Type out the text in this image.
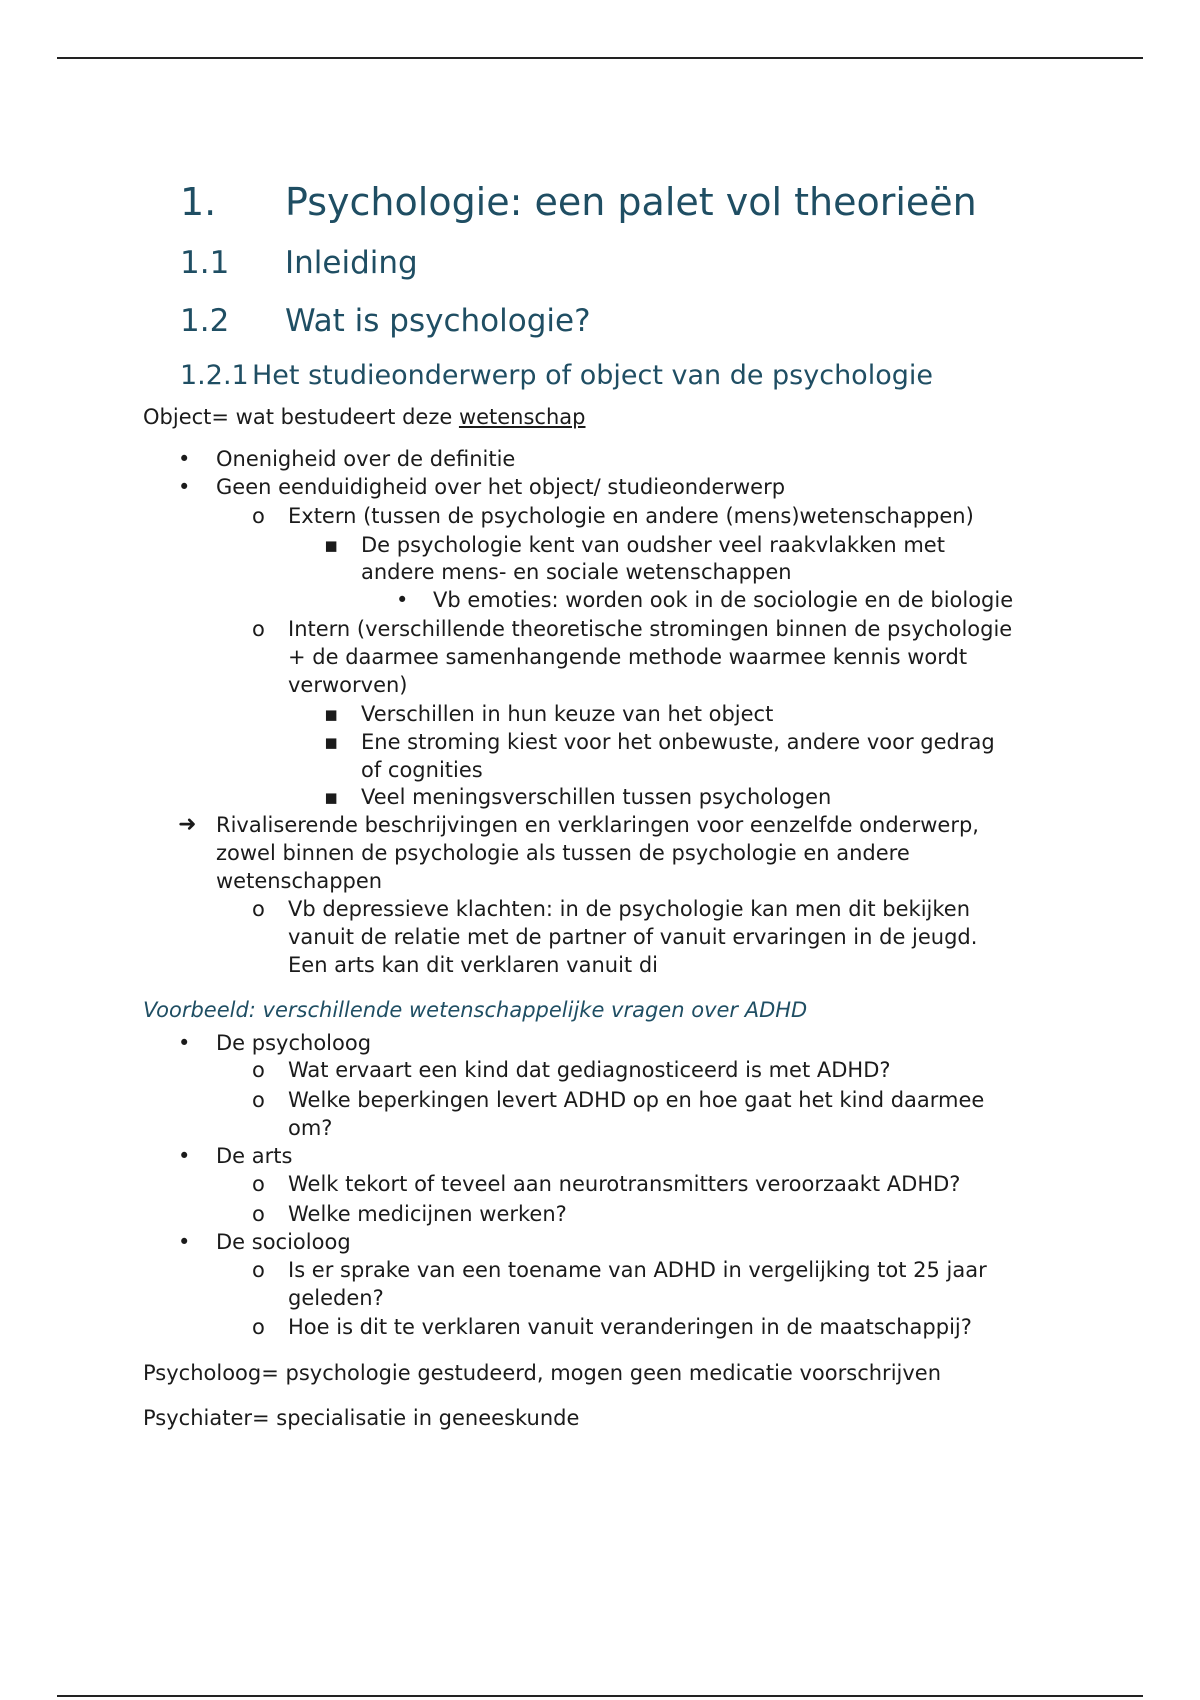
1. Psychologie: een palet vol theorieën
1.1 Inleiding
1.2 Wat is psychologie?
1.2.1 Het studieonderwerp of object van de psychologie
Object= wat bestudeert deze wetenschap
•
Onenigheid over de definitie
•
Geen eenduidigheid over het object/ studieonderwerp
o
Extern (tussen de psychologie en andere (mens)wetenschappen)
▪
De psychologie kent van oudsher veel raakvlakken met
andere mens- en sociale wetenschappen
•
Vb emoties: worden ook in de sociologie en de biologie
o
Intern (verschillende theoretische stromingen binnen de psychologie
+ de daarmee samenhangende methode waarmee kennis wordt
verworven)
▪
Verschillen in hun keuze van het object
▪
Ene stroming kiest voor het onbewuste, andere voor gedrag
of cognities
▪
Veel meningsverschillen tussen psychologen
➜ Rivaliserende beschrijvingen en verklaringen voor eenzelfde onderwerp,
zowel binnen de psychologie als tussen de psychologie en andere
wetenschappen
o
Vb depressieve klachten: in de psychologie kan men dit bekijken
vanuit de relatie met de partner of vanuit ervaringen in de jeugd.
Een arts kan dit verklaren vanuit di
Voorbeeld: verschillende wetenschappelijke vragen over ADHD
•
De psycholoog
o
Wat ervaart een kind dat gediagnosticeerd is met ADHD?
o
Welke beperkingen levert ADHD op en hoe gaat het kind daarmee
om?
•
De arts
o
Welk tekort of teveel aan neurotransmitters veroorzaakt ADHD?
o
Welke medicijnen werken?
•
De socioloog
o
Is er sprake van een toename van ADHD in vergelijking tot 25 jaar
geleden?
o
Hoe is dit te verklaren vanuit veranderingen in de maatschappij?
Psycholoog= psychologie gestudeerd, mogen geen medicatie voorschrijven
Psychiater= specialisatie in geneeskunde
